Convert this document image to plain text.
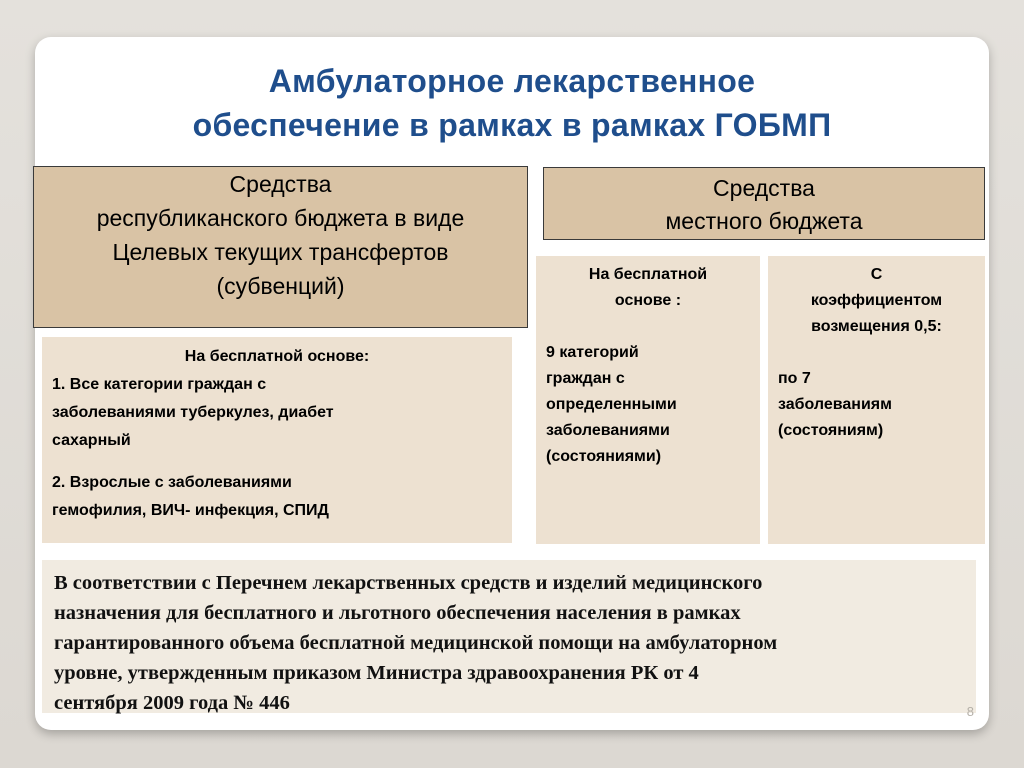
Амбулаторное лекарственное
обеспечение в рамках в рамках ГОБМП
Средства
республиканского бюджета в виде
Целевых текущих трансфертов
(субвенций)
Средства
местного бюджета
На бесплатной основе:
1. Все категории граждан с
заболеваниями туберкулез, диабет
сахарный
2. Взрослые с заболеваниями
гемофилия, ВИЧ- инфекция, СПИД
На бесплатной
основе :
9 категорий
граждан с
определенными
заболеваниями
(состояниями)
С
коэффициентом
возмещения 0,5:
по 7
заболеваниям
(состояниям)
В соответствии с Перечнем лекарственных средств и изделий медицинского
назначения для бесплатного и льготного обеспечения населения в рамках
гарантированного объема бесплатной медицинской помощи на амбулаторном
уровне, утвержденным приказом Министра здравоохранения РК от 4
сентября 2009 года № 446	8
